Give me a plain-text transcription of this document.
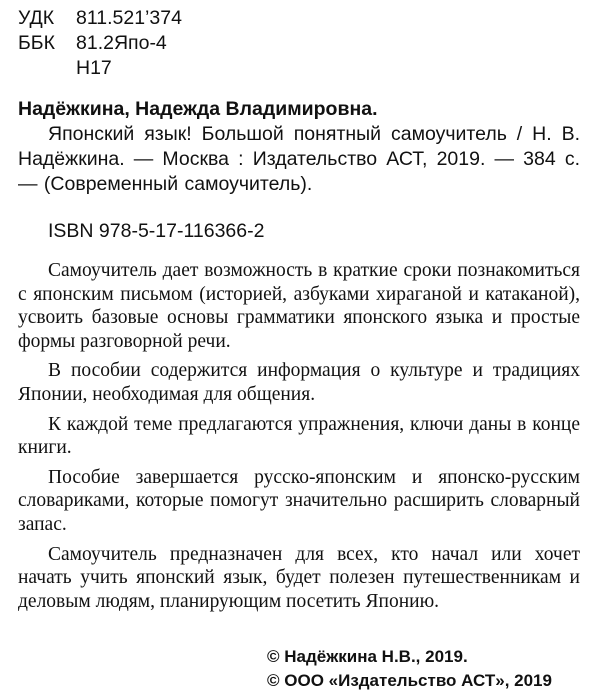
УДК 811.521’374
ББК 81.2Япо-4
Н17
Надёжкина, Надежда Владимировна.
Японский язык! Большой понятный самоучитель / Н. В. Надёжкина. — Москва : Издательство АСТ, 2019. — 384 с. — (Современный самоучитель).
ISBN 978-5-17-116366-2

Самоучитель дает возможность в краткие сроки познакомиться с японским письмом (историей, азбуками хираганой и катаканой), усвоить базовые основы грамматики японского языка и простые формы разговорной речи.

В пособии содержится информация о культуре и традициях Японии, необходимая для общения.

К каждой теме предлагаются упражнения, ключи даны в конце книги.

Пособие завершается русско-японским и японско-русским словариками, которые помогут значительно расширить словарный запас.

Самоучитель предназначен для всех, кто начал или хочет начать учить японский язык, будет полезен путешественникам и деловым людям, планирующим посетить Японию.

© Надёжкина Н.В., 2019.
© ООО «Издательство АСТ», 2019
